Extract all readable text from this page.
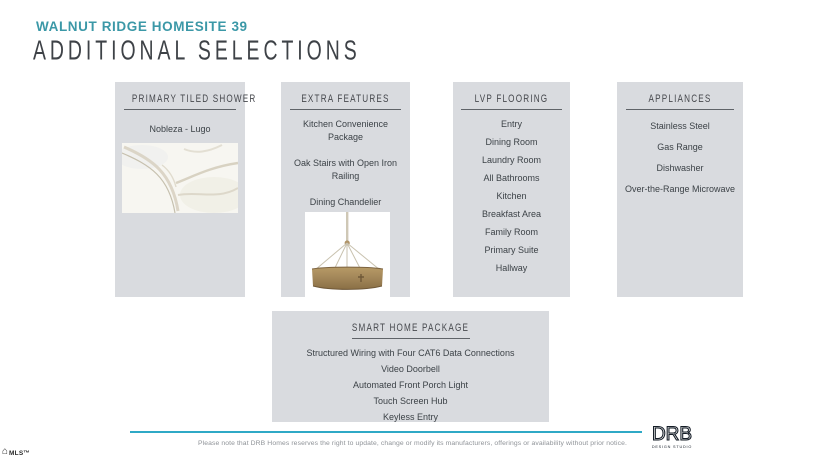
WALNUT RIDGE HOMESITE 39
ADDITIONAL SELECTIONS
PRIMARY TILED SHOWER
Nobleza - Lugo
EXTRA FEATURES
Kitchen Convenience Package
Oak Stairs with Open Iron Railing
Dining Chandelier
LVP FLOORING
Entry
Dining Room
Laundry Room
All Bathrooms
Kitchen
Breakfast Area
Family Room
Primary Suite
Hallway
APPLIANCES
Stainless Steel
Gas Range
Dishwasher
Over-the-Range Microwave
SMART HOME PACKAGE
Structured Wiring with Four CAT6 Data Connections
Video Doorbell
Automated Front Porch Light
Touch Screen Hub
Keyless Entry
Please note that DRB Homes reserves the right to update, change or modify its manufacturers, offerings or availability without prior notice.	DRB
DESIGN STUDIO
⌂ MLS™
